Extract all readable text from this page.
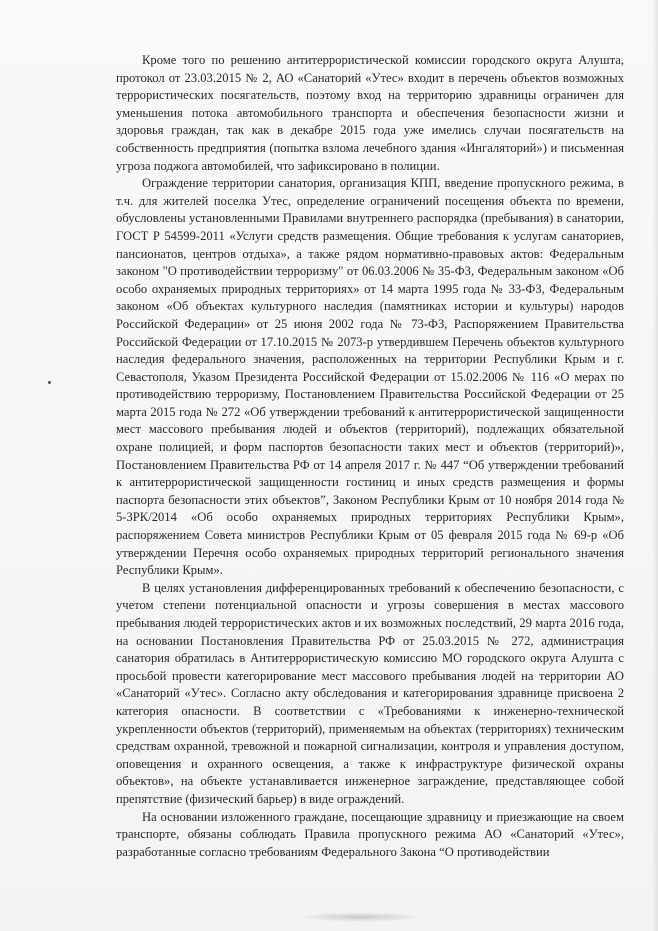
Кроме того по решению антитеррористической комиссии городского округа Алушта, протокол от 23.03.2015 № 2, АО «Санаторий «Утес» входит в перечень объектов возможных террористических посягательств, поэтому вход на территорию здравницы ограничен для уменьшения потока автомобильного транспорта и обеспечения безопасности жизни и здоровья граждан, так как в декабре 2015 года уже имелись случаи посягательств на собственность предприятия (попытка взлома лечебного здания «Ингаляторий») и письменная угроза поджога автомобилей, что зафиксировано в полиции.

Ограждение территории санатория, организация КПП, введение пропускного режима, в т.ч. для жителей поселка Утес, определение ограничений посещения объекта по времени, обусловлены установленными Правилами внутреннего распорядка (пребывания) в санатории, ГОСТ Р 54599-2011 «Услуги средств размещения. Общие требования к услугам санаториев, пансионатов, центров отдыха», а также рядом нормативно-правовых актов: Федеральным законом "О противодействии терроризму" от 06.03.2006 № 35-ФЗ, Федеральным законом «Об особо охраняемых природных территориях» от 14 марта 1995 года № 33-ФЗ, Федеральным законом «Об объектах культурного наследия (памятниках истории и культуры) народов Российской Федерации» от 25 июня 2002 года № 73-ФЗ, Распоряжением Правительства Российской Федерации от 17.10.2015 № 2073-р утвердившем Перечень объектов культурного наследия федерального значения, расположенных на территории Республики Крым и г. Севастополя, Указом Президента Российской Федерации от 15.02.2006 № 116 «О мерах по противодействию терроризму, Постановлением Правительства Российской Федерации от 25 марта 2015 года № 272 «Об утверждении требований к антитеррористической защищенности мест массового пребывания людей и объектов (территорий), подлежащих обязательной охране полицией, и форм паспортов безопасности таких мест и объектов (территорий)», Постановлением Правительства РФ от 14 апреля 2017 г. № 447 “Об утверждении требований к антитеррористической защищенности гостиниц и иных средств размещения и формы паспорта безопасности этих объектов”, Законом Республики Крым от 10 ноября 2014 года № 5-ЗРК/2014 «Об особо охраняемых природных территориях Республики Крым», распоряжением Совета министров Республики Крым от 05 февраля 2015 года № 69-р «Об утверждении Перечня особо охраняемых природных территорий регионального значения Республики Крым».

В целях установления дифференцированных требований к обеспечению безопасности, с учетом степени потенциальной опасности и угрозы совершения в местах массового пребывания людей террористических актов и их возможных последствий, 29 марта 2016 года, на основании Постановления Правительства РФ от 25.03.2015 № 272, администрация санатория обратилась в Антитеррористическую комиссию МО городского округа Алушта с просьбой провести категорирование мест массового пребывания людей на территории АО «Санаторий «Утес». Согласно акту обследования и категорирования здравнице присвоена 2 категория опасности. В соответствии с «Требованиями к инженерно-технической укрепленности объектов (территорий), применяемым на объектах (территориях) техническим средствам охранной, тревожной и пожарной сигнализации, контроля и управления доступом, оповещения и охранного освещения, а также к инфраструктуре физической охраны объектов», на объекте устанавливается инженерное заграждение, представляющее собой препятствие (физический барьер) в виде ограждений.

На основании изложенного граждане, посещающие здравницу и приезжающие на своем транспорте, обязаны соблюдать Правила пропускного режима АО «Санаторий «Утес», разработанные согласно требованиям Федерального Закона “О противодействии
